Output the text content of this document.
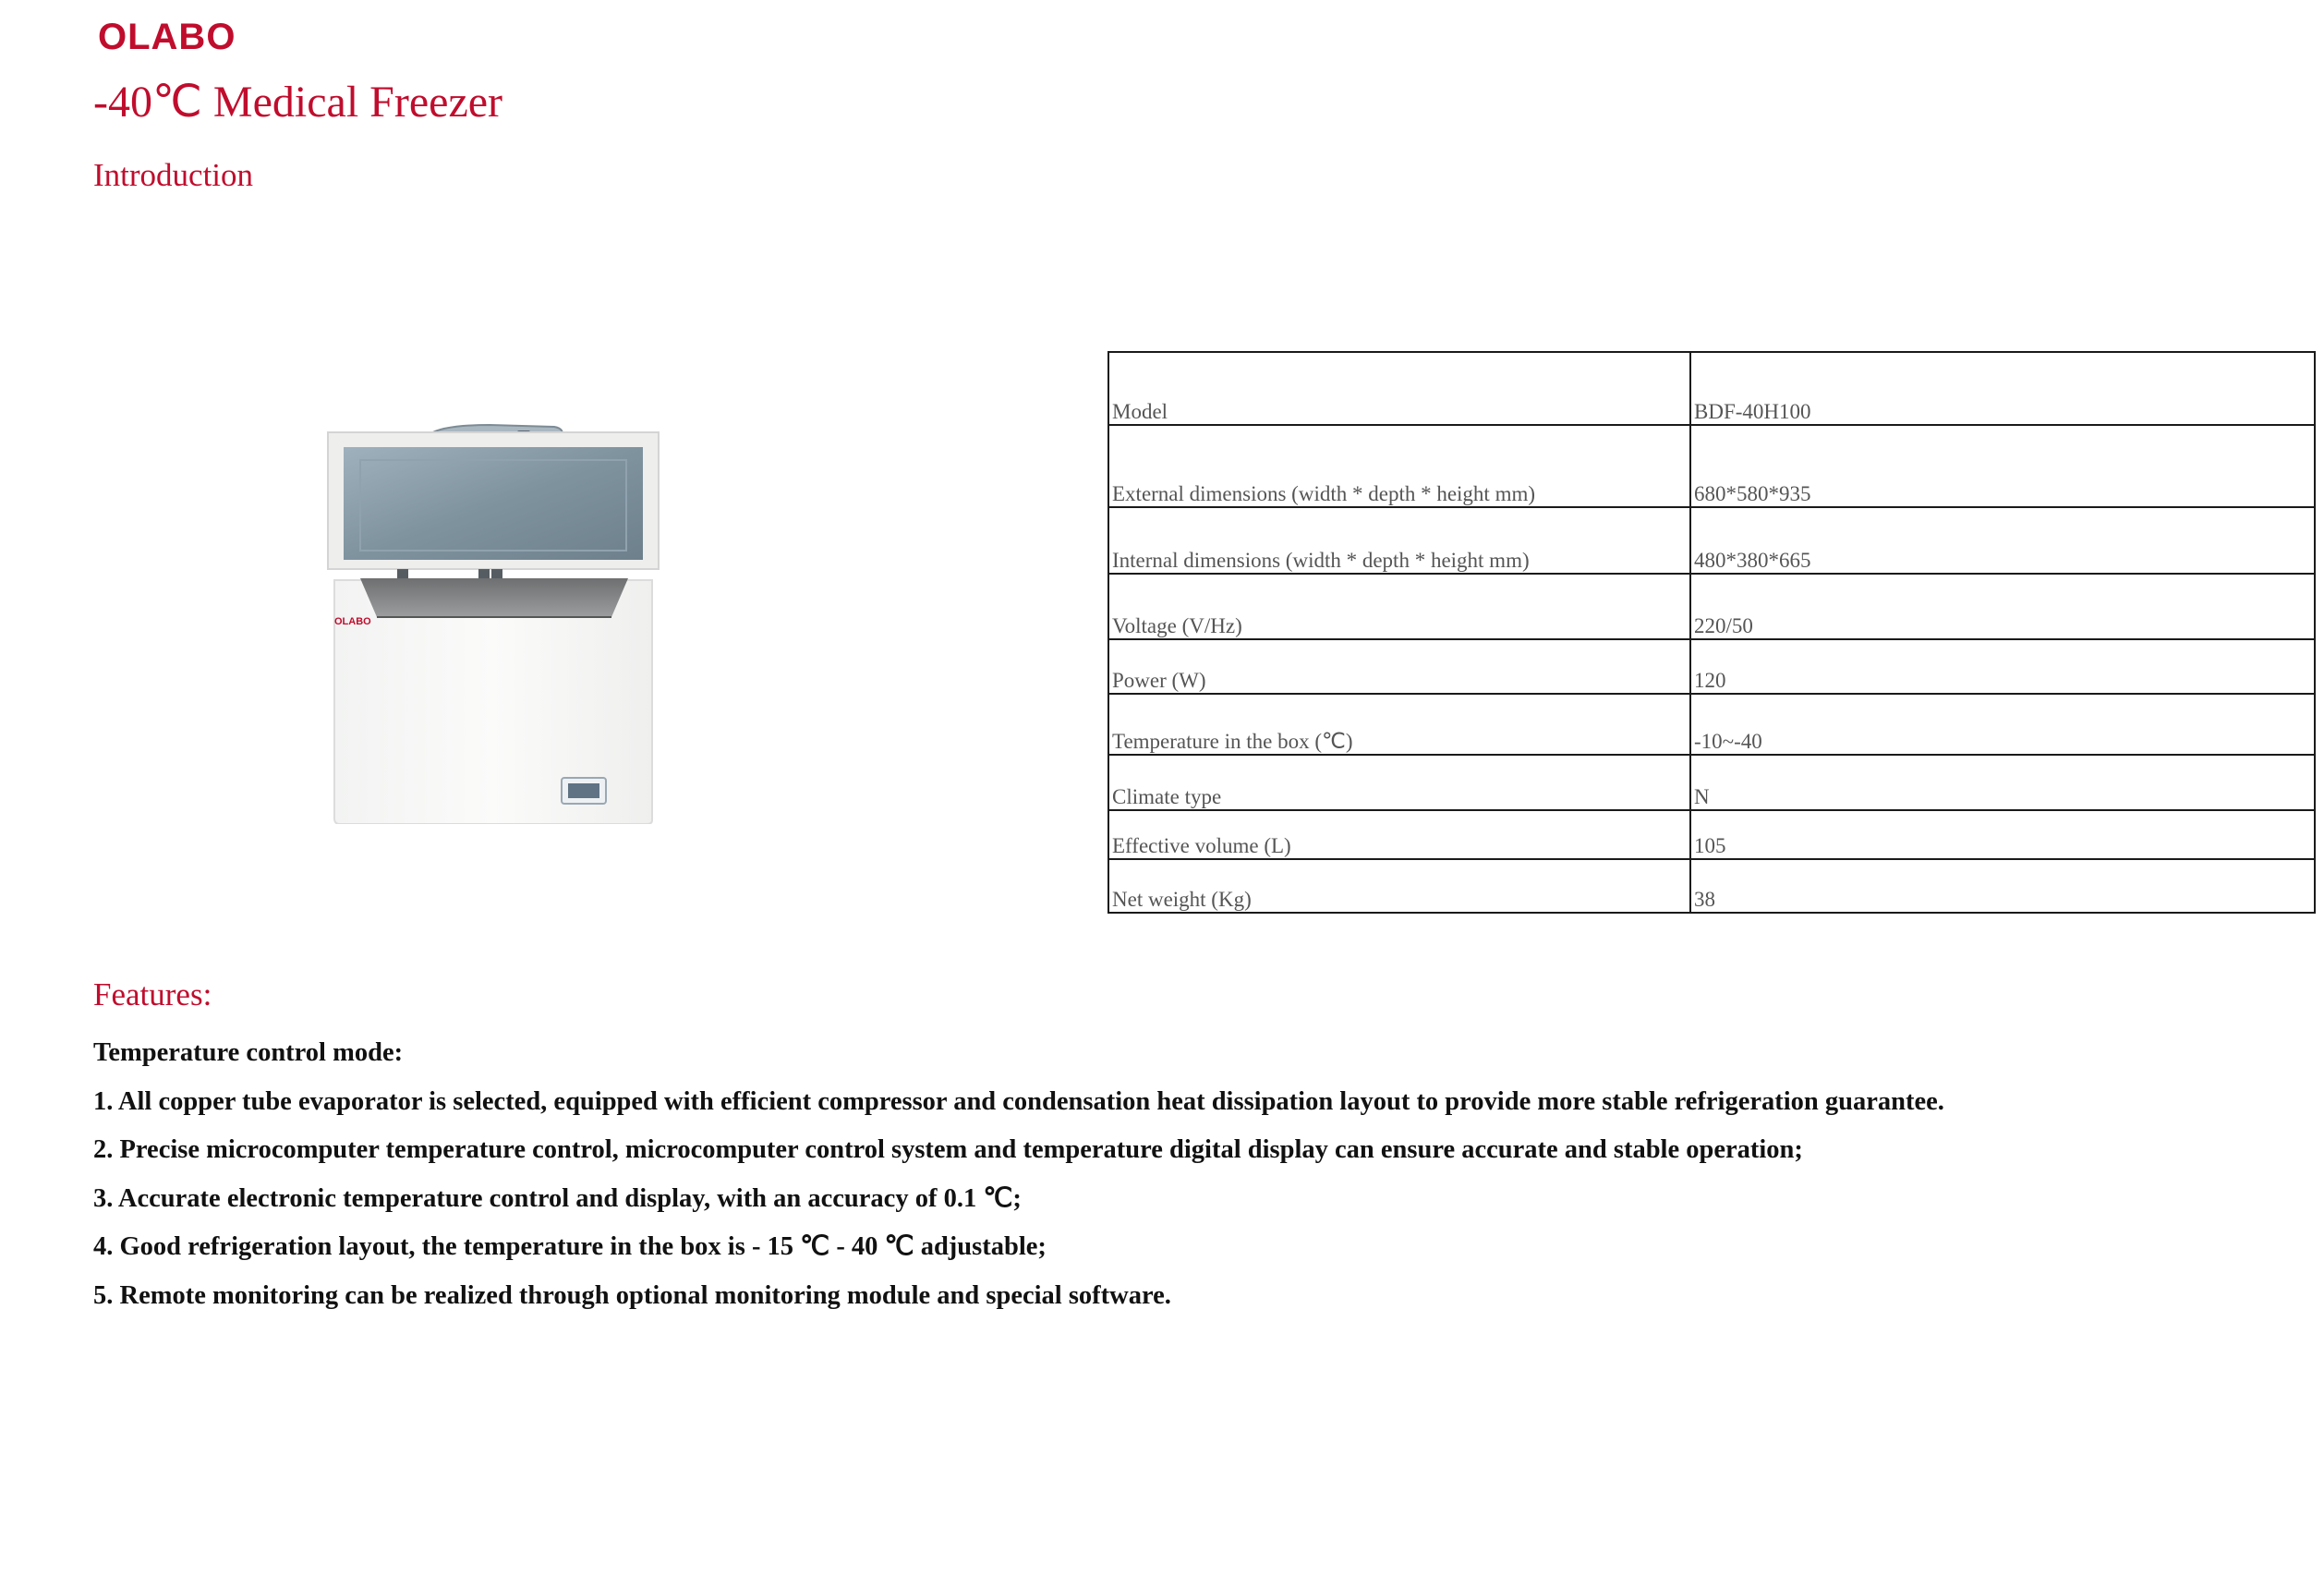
OLABO
-40℃ Medical Freezer
Introduction
OLABO
Model	BDF-40H100
External dimensions (width * depth * height mm)	680*580*935
Internal dimensions (width * depth * height mm)	480*380*665
Voltage (V/Hz)	220/50
Power (W)	120
Temperature in the box (℃)	-10~-40
Climate type	N
Effective volume (L)	105
Net weight (Kg)	38
Features:

Temperature control mode:

1. All copper tube evaporator is selected, equipped with efficient compressor and condensation heat dissipation layout to provide more stable refrigeration guarantee.

2. Precise microcomputer temperature control, microcomputer control system and temperature digital display can ensure accurate and stable operation;

3. Accurate electronic temperature control and display, with an accuracy of 0.1 ℃;

4. Good refrigeration layout, the temperature in the box is - 15 ℃ - 40 ℃ adjustable;

5. Remote monitoring can be realized through optional monitoring module and special software.
